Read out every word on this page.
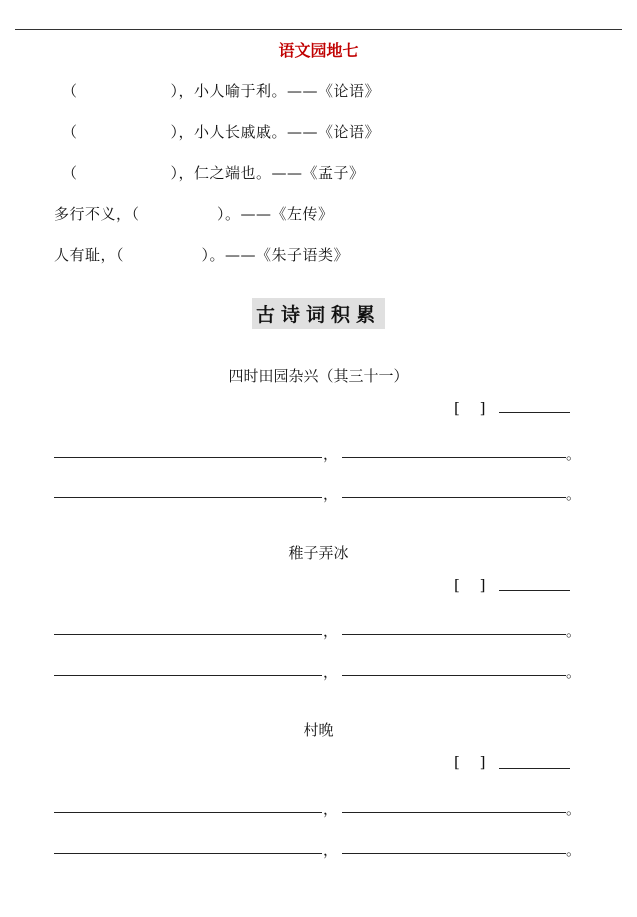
语文园地七
（　　　　　　），小人喻于利。——《论语》
（　　　　　　），小人长戚戚。——《论语》
（　　　　　　），仁之端也。——《孟子》
多行不义，（　　　　　）。——《左传》
人有耻，（　　　　　）。——《朱子语类》
古诗词积累
四时田园杂兴（其三十一）
[　 ]
，	。
，	。
稚子弄冰
[　 ]
，	。
，	。
村晚
[　 ]
，	。
，	。
